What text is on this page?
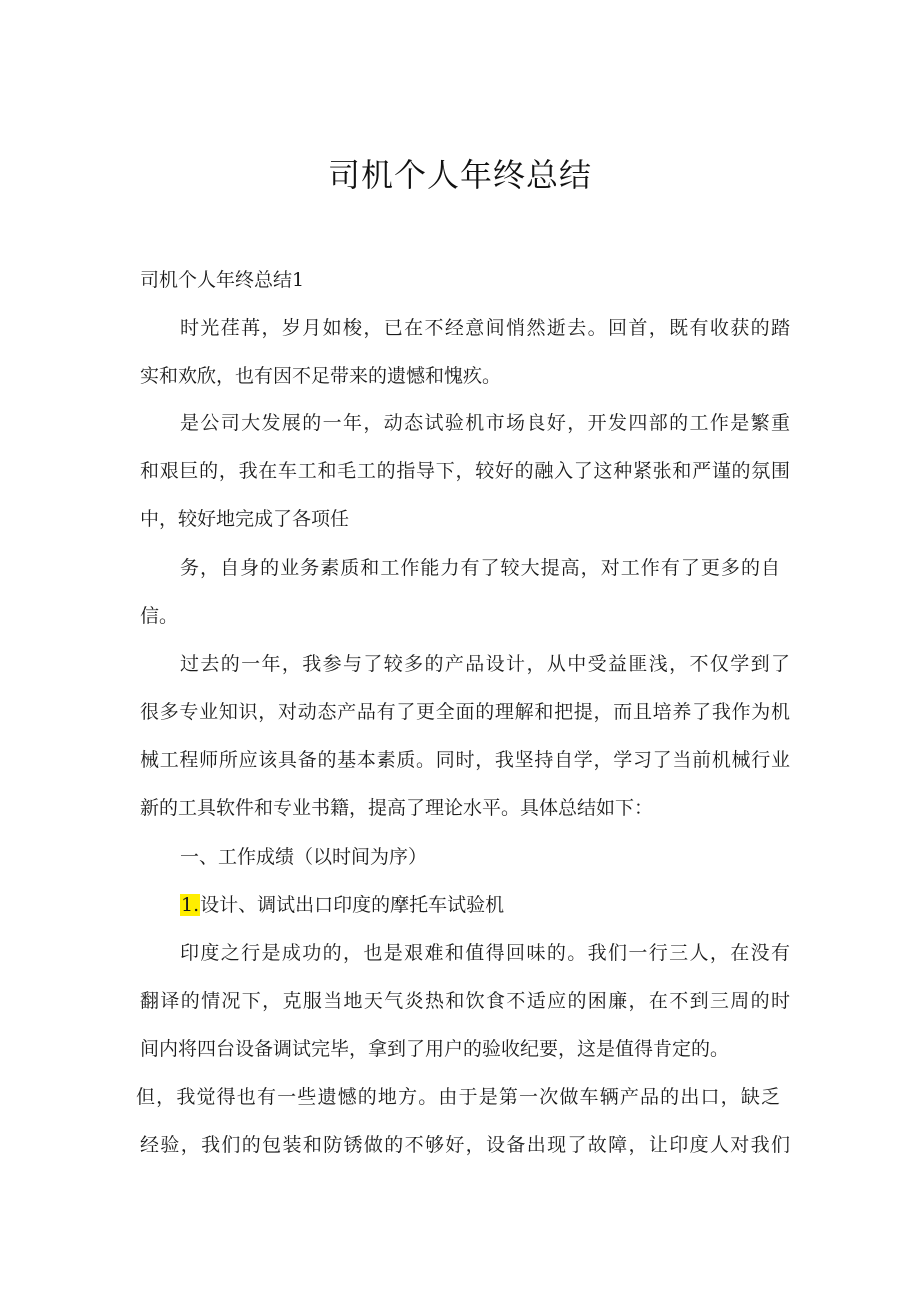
司机个人年终总结
司机个人年终总结1
时光荏苒，岁月如梭，已在不经意间悄然逝去。回首，既有收获的踏
实和欢欣，也有因不足带来的遗憾和愧疚。
是公司大发展的一年，动态试验机市场良好，开发四部的工作是繁重
和艰巨的，我在车工和毛工的指导下，较好的融入了这种紧张和严谨的氛围
中，较好地完成了各项任
务，自身的业务素质和工作能力有了较大提高，对工作有了更多的自
信。
过去的一年，我参与了较多的产品设计，从中受益匪浅，不仅学到了
很多专业知识，对动态产品有了更全面的理解和把提，而且培养了我作为机
械工程师所应该具备的基本素质。同时，我坚持自学，学习了当前机械行业
新的工具软件和专业书籍，提高了理论水平。具体总结如下：
一、工作成绩（以时间为序）
1.设计、调试出口印度的摩托车试验机
印度之行是成功的，也是艰难和值得回味的。我们一行三人，在没有
翻译的情况下，克服当地天气炎热和饮食不适应的困廉，在不到三周的时
间内将四台设备调试完毕，拿到了用户的验收纪要，这是值得肯定的。
但，我觉得也有一些遗憾的地方。由于是第一次做车辆产品的出口，缺乏
经验，我们的包装和防锈做的不够好，设备出现了故障，让印度人对我们
